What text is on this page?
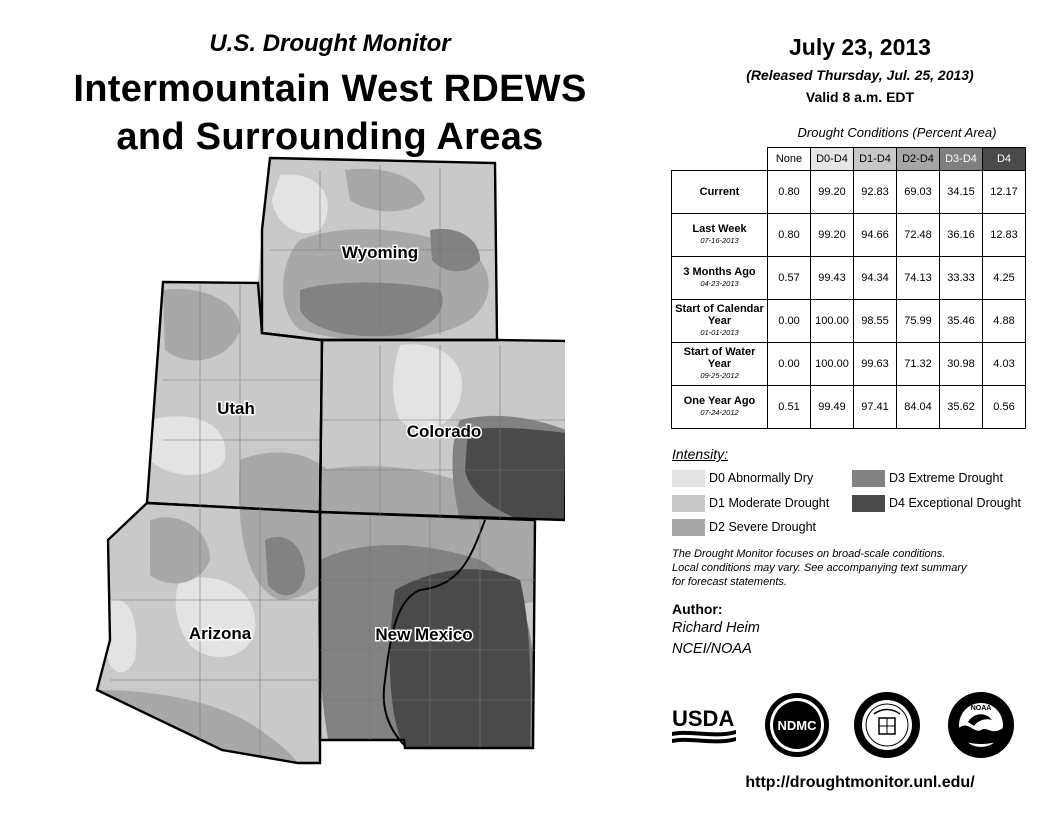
U.S. Drought Monitor
Intermountain West RDEWS
and Surrounding Areas
Wyoming
Utah
Colorado
Arizona	New Mexico
July 23, 2013
(Released Thursday, Jul. 25, 2013)
Valid 8 a.m. EDT
Drought Conditions (Percent Area)
	None	D0-D4	D1-D4	D2-D4	D3-D4	D4
Current	0.80	99.20	92.83	69.03	34.15	12.17
Last Week
07-16-2013	0.80	99.20	94.66	72.48	36.16	12.83
3 Months Ago
04-23-2013	0.57	99.43	94.34	74.13	33.33	4.25
Start of Calendar Year
01-01-2013	0.00	100.00	98.55	75.99	35.46	4.88
Start of Water Year
09-25-2012	0.00	100.00	99.63	71.32	30.98	4.03
One Year Ago
07-24-2012	0.51	99.49	97.41	84.04	35.62	0.56
Intensity:
D0 Abnormally Dry
D1 Moderate Drought
D2 Severe Drought
D3 Extreme Drought
D4 Exceptional Drought
The Drought Monitor focuses on broad-scale conditions.
Local conditions may vary. See accompanying text summary
for forecast statements.
Author:
Richard Heim
NCEI/NOAA
USDA	NDMC
NOAA
http://droughtmonitor.unl.edu/
